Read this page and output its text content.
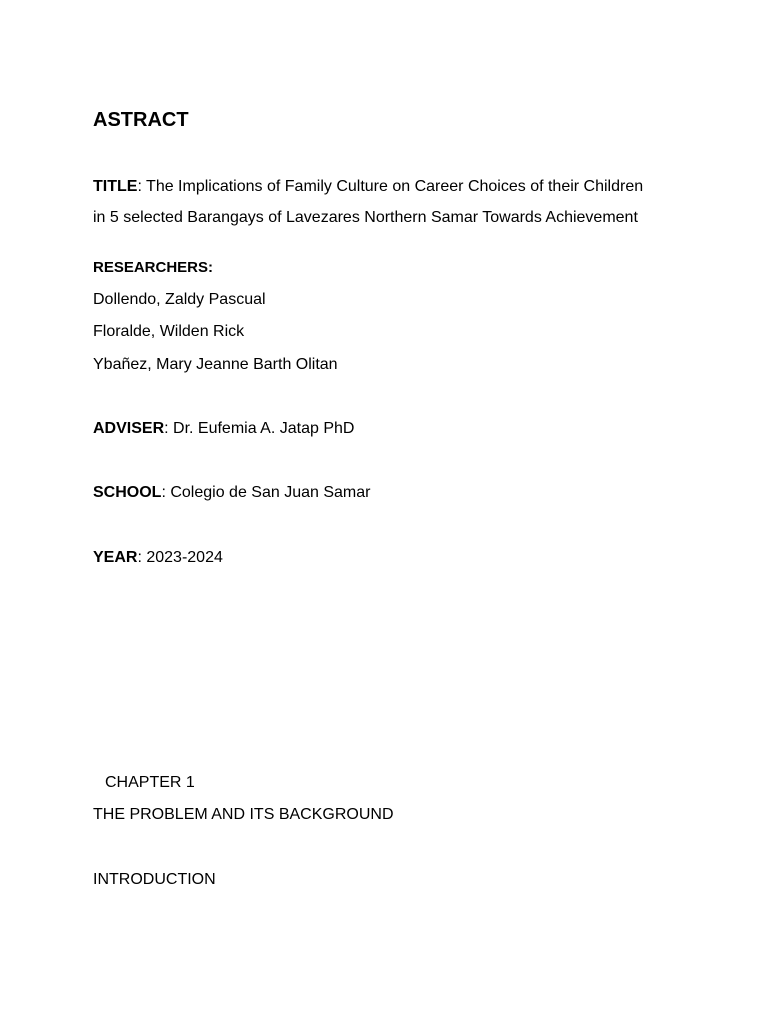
ASTRACT
TITLE: The Implications of Family Culture on Career Choices of their Children
in 5 selected Barangays of Lavezares Northern Samar Towards Achievement
RESEARCHERS:
Dollendo, Zaldy Pascual
Floralde, Wilden Rick
Ybañez, Mary Jeanne Barth Olitan
ADVISER: Dr. Eufemia A. Jatap PhD
SCHOOL: Colegio de San Juan Samar
YEAR: 2023-2024
CHAPTER 1
THE PROBLEM AND ITS BACKGROUND
INTRODUCTION
